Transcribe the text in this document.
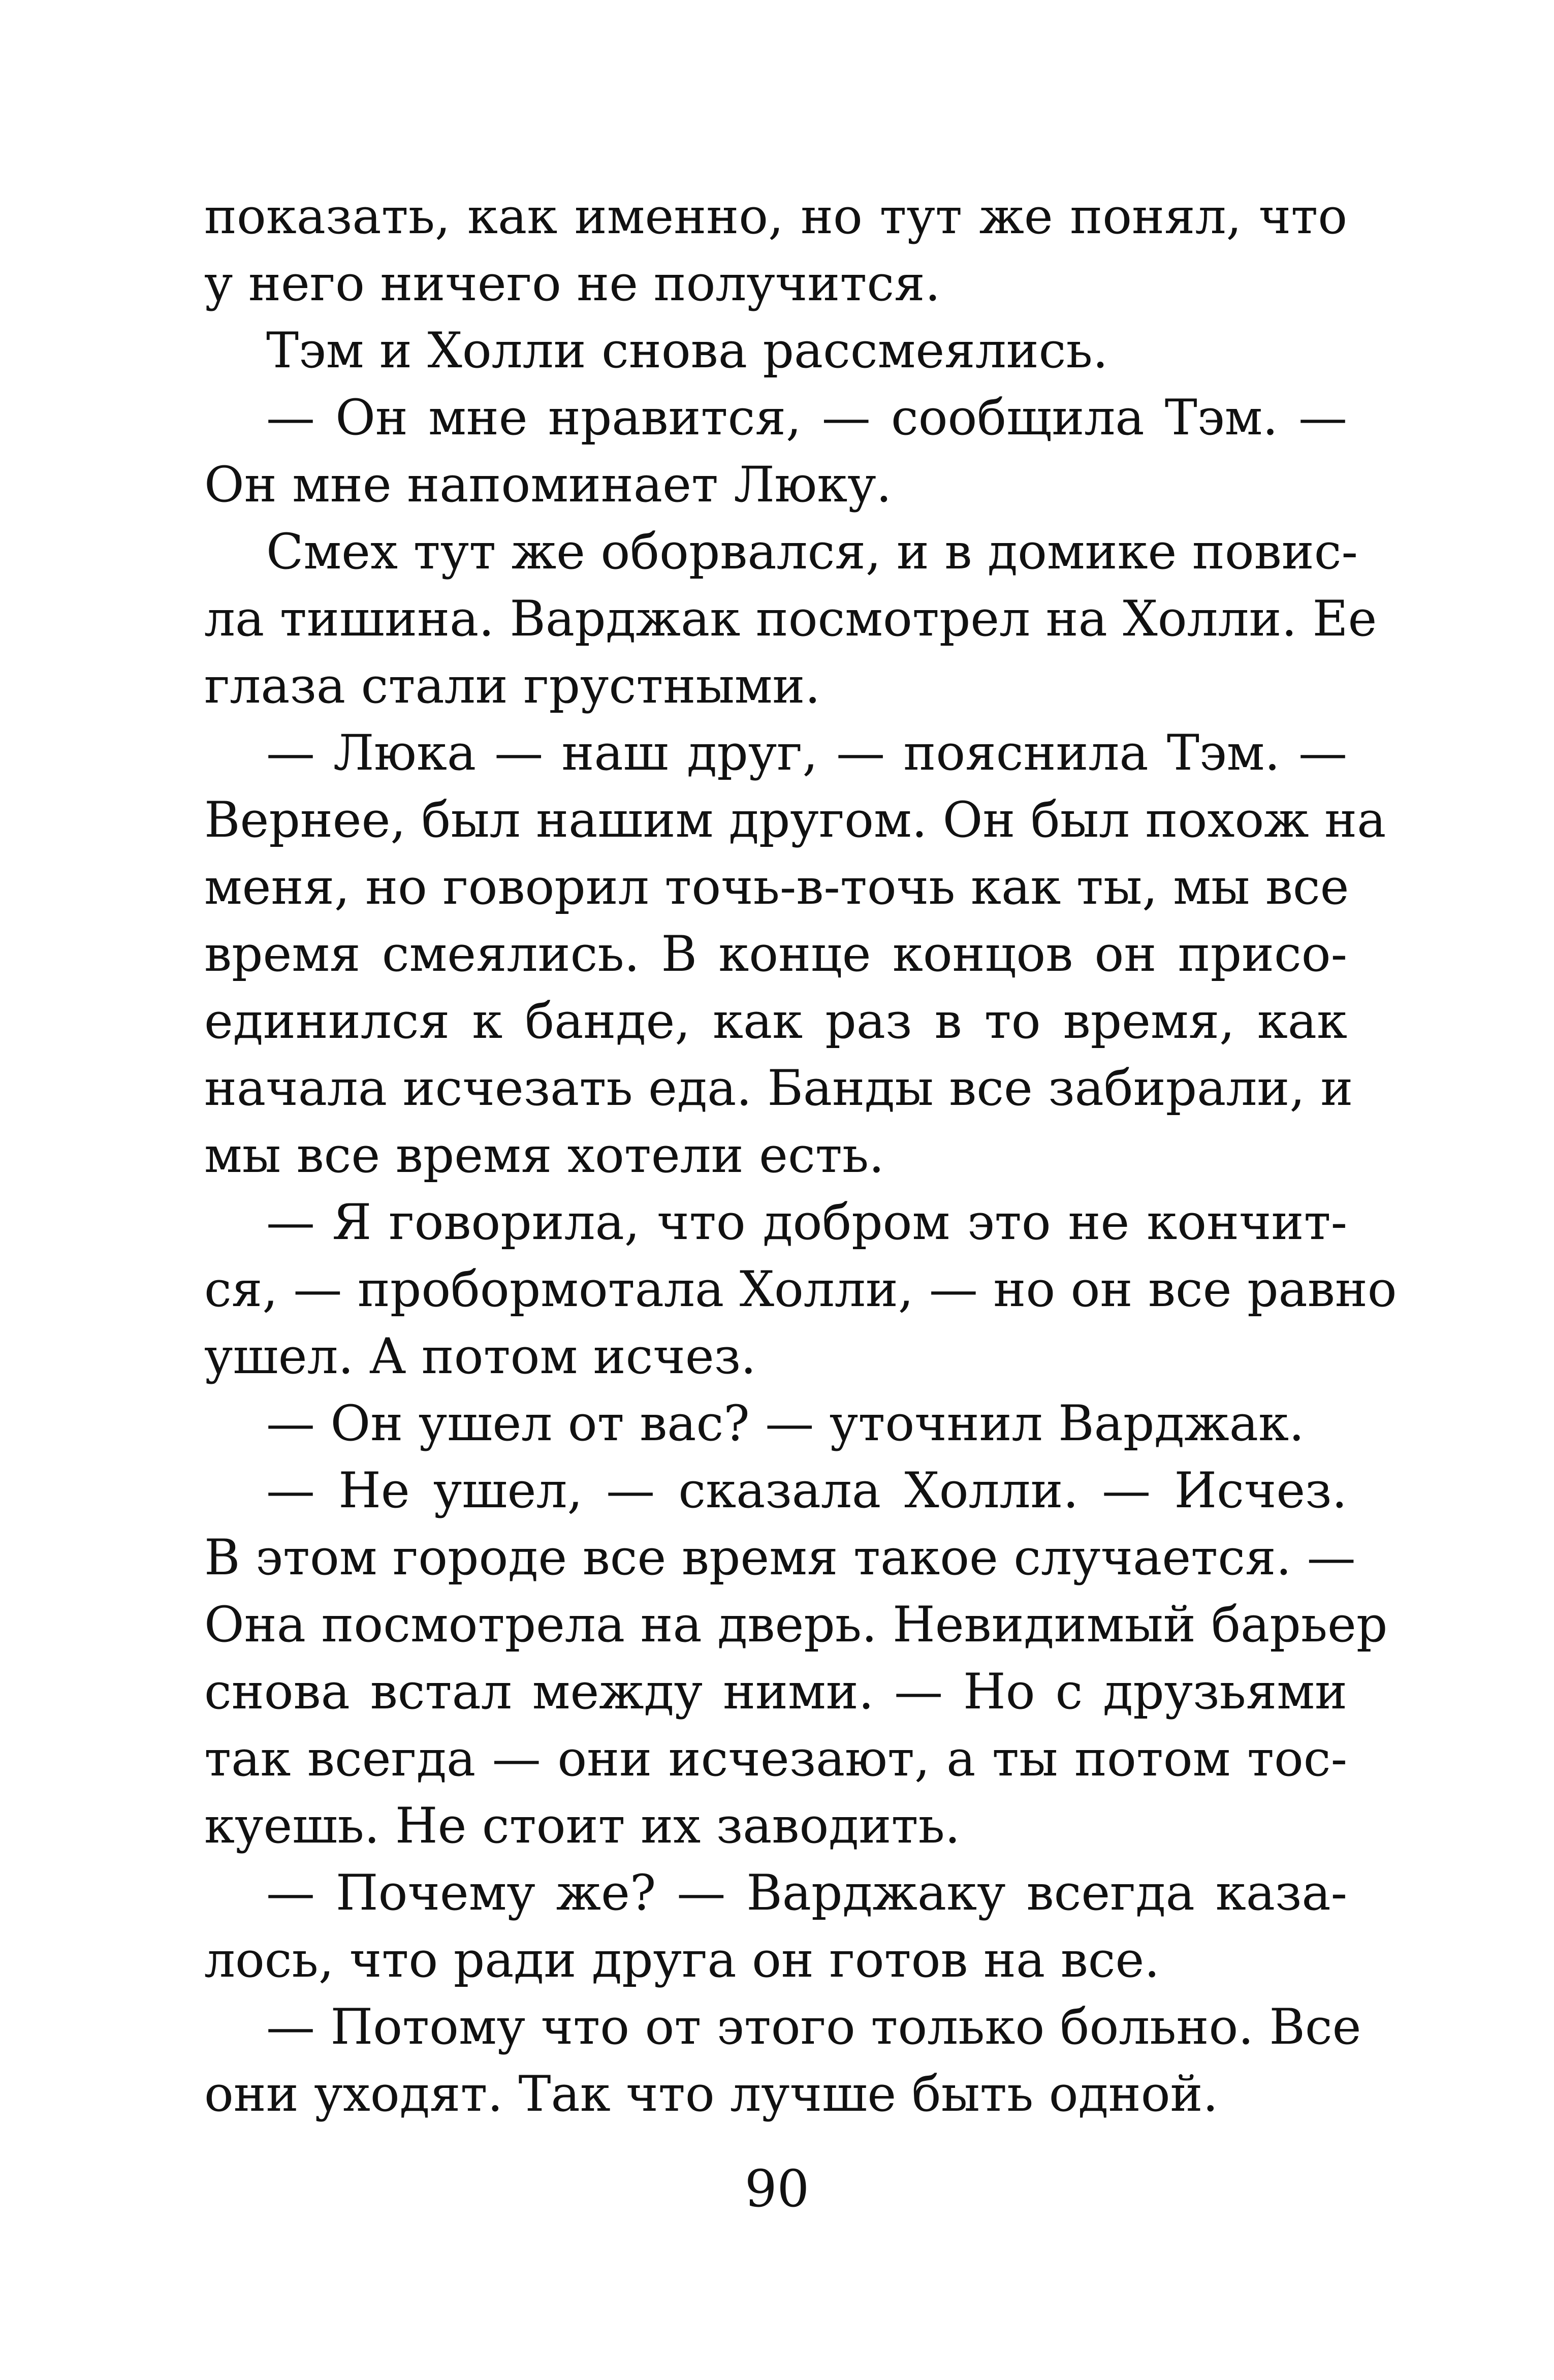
показать, как именно, но тут же понял, что
у него ничего не получится.
Тэм и Холли снова рассмеялись.
— Он мне нравится, — сообщила Тэм. —
Он мне напоминает Люку.
Смех тут же оборвался, и в домике повис-
ла тишина. Варджак посмотрел на Холли. Ее
глаза стали грустными.
— Люка — наш друг, — пояснила Тэм. —
Вернее, был нашим другом. Он был похож на
меня, но говорил точь-в-точь как ты, мы все
время смеялись. В конце концов он присо-
единился к банде, как раз в то время, как
начала исчезать еда. Банды все забирали, и
мы все время хотели есть.
— Я говорила, что добром это не кончит-
ся, — пробормотала Холли, — но он все равно
ушел. А потом исчез.
— Он ушел от вас? — уточнил Варджак.
— Не ушел, — сказала Холли. — Исчез.
В этом городе все время такое случается. —
Она посмотрела на дверь. Невидимый барьер
снова встал между ними. — Но с друзьями
так всегда — они исчезают, а ты потом тос-
куешь. Не стоит их заводить.
— Почему же? — Варджаку всегда каза-
лось, что ради друга он готов на все.
— Потому что от этого только больно. Все
они уходят. Так что лучше быть одной.
90
